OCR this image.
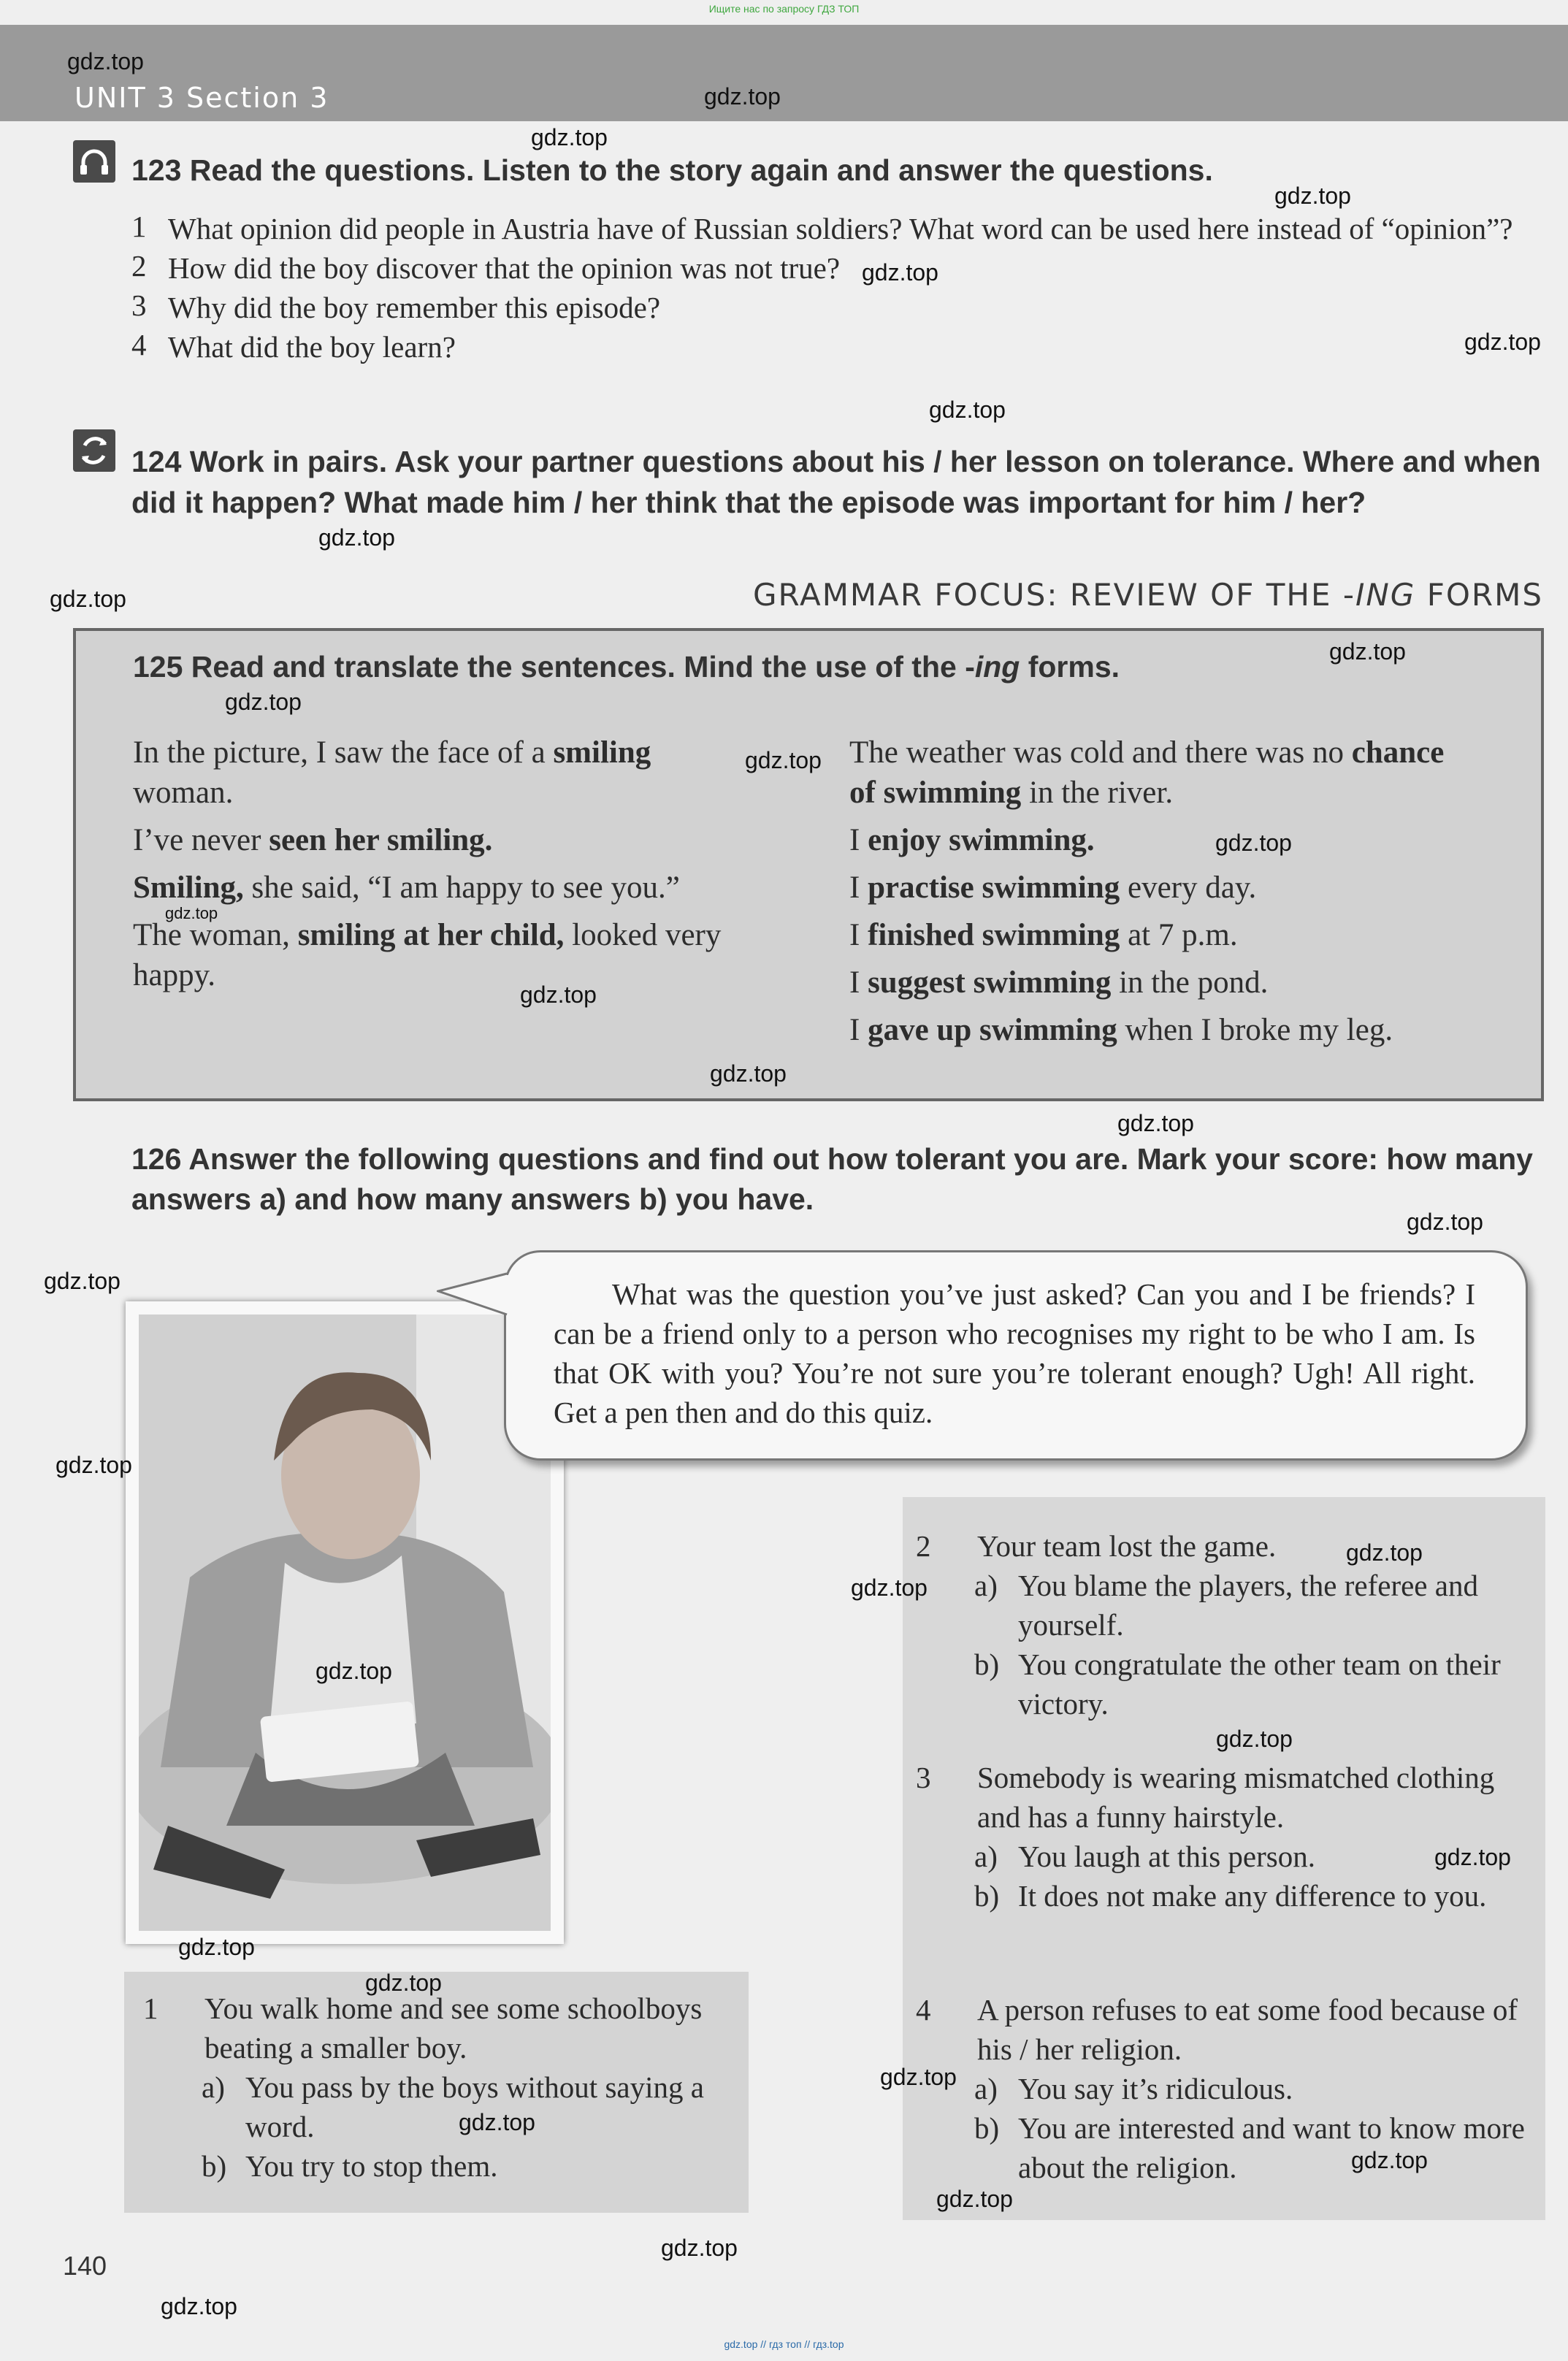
Ищите нас по запросу ГДЗ ТОП
UNIT 3 Section 3
123 Read the questions. Listen to the story again and answer the questions.
1 What opinion did people in Austria have of Russian soldiers? What word can be used here instead of “opinion”?
2 How did the boy discover that the opinion was not true?
3 Why did the boy remember this episode?
4 What did the boy learn?
124 Work in pairs. Ask your partner questions about his / her lesson on tolerance. Where and when did it happen? What made him / her think that the episode was important for him / her?
GRAMMAR FOCUS: REVIEW OF THE -ING FORMS
125 Read and translate the sentences. Mind the use of the -ing forms.
In the picture, I saw the face of a smiling woman.
I’ve never seen her smiling.
Smiling, she said, “I am happy to see you.”
The woman, smiling at her child, looked very happy.
The weather was cold and there was no chance of swimming in the river.
I enjoy swimming.
I practise swimming every day.
I finished swimming at 7 p.m.
I suggest swimming in the pond.
I gave up swimming when I broke my leg.
126 Answer the following questions and find out how tolerant you are. Mark your score: how many answers a) and how many answers b) you have.
What was the question you’ve just asked? Can you and I be friends? I can be a friend only to a person who recognises my right to be who I am. Is that OK with you? You’re not sure you’re tolerant enough? Ugh! All right. Get a pen then and do this quiz.
1	You walk home and see some schoolboys beating a smaller boy.
a) You pass by the boys without saying a word.
b) You try to stop them.
2	Your team lost the game.
a) You blame the players, the referee and yourself.
b) You congratulate the other team on their victory.
3	Somebody is wearing mismatched clothing and has a funny hairstyle.
a) You laugh at this person.
b) It does not make any difference to you.
4	A person refuses to eat some food because of his / her religion.
a) You say it’s ridiculous.
b) You are interested and want to know more about the religion.
140
gdz.top // гдз топ // гдз.top
gdz.top
gdz.top
gdz.top
gdz.top
gdz.top
gdz.top
gdz.top
gdz.top
gdz.top
gdz.top
gdz.top
gdz.top
gdz.top
gdz.top
gdz.top
gdz.top
gdz.top
gdz.top
gdz.top
gdz.top
gdz.top
gdz.top
gdz.top
gdz.top
gdz.top
gdz.top
gdz.top
gdz.top
gdz.top
gdz.top
gdz.top
gdz.top
gdz.top
